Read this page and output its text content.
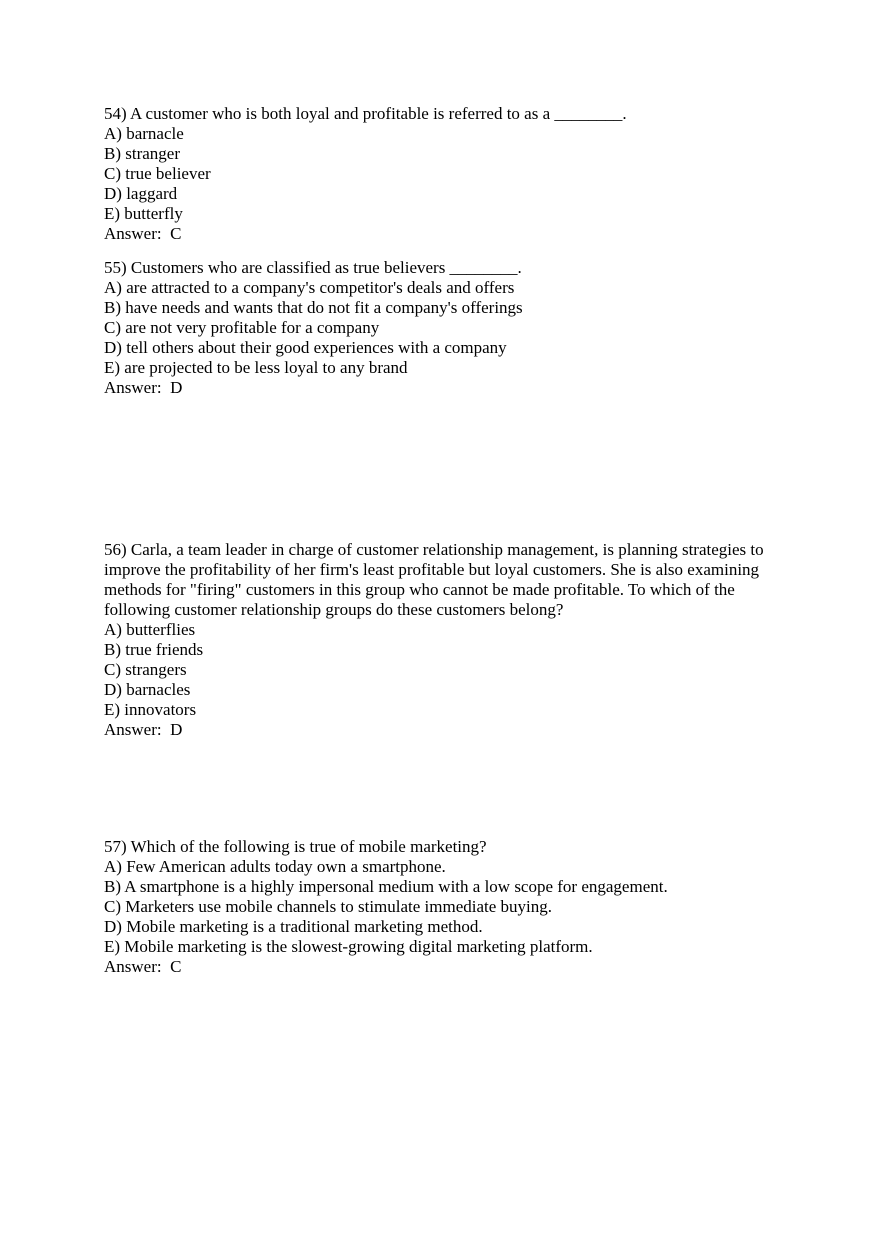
54) A customer who is both loyal and profitable is referred to as a ________.
A) barnacle
B) stranger
C) true believer
D) laggard
E) butterfly
Answer:  C
55) Customers who are classified as true believers ________.
A) are attracted to a company's competitor's deals and offers
B) have needs and wants that do not fit a company's offerings
C) are not very profitable for a company
D) tell others about their good experiences with a company
E) are projected to be less loyal to any brand
Answer:  D
56) Carla, a team leader in charge of customer relationship management, is planning strategies to
improve the profitability of her firm's least profitable but loyal customers. She is also examining
methods for "firing" customers in this group who cannot be made profitable. To which of the
following customer relationship groups do these customers belong?
A) butterflies
B) true friends
C) strangers
D) barnacles
E) innovators
Answer:  D
57) Which of the following is true of mobile marketing?
A) Few American adults today own a smartphone.
B) A smartphone is a highly impersonal medium with a low scope for engagement.
C) Marketers use mobile channels to stimulate immediate buying.
D) Mobile marketing is a traditional marketing method.
E) Mobile marketing is the slowest-growing digital marketing platform.
Answer:  C
